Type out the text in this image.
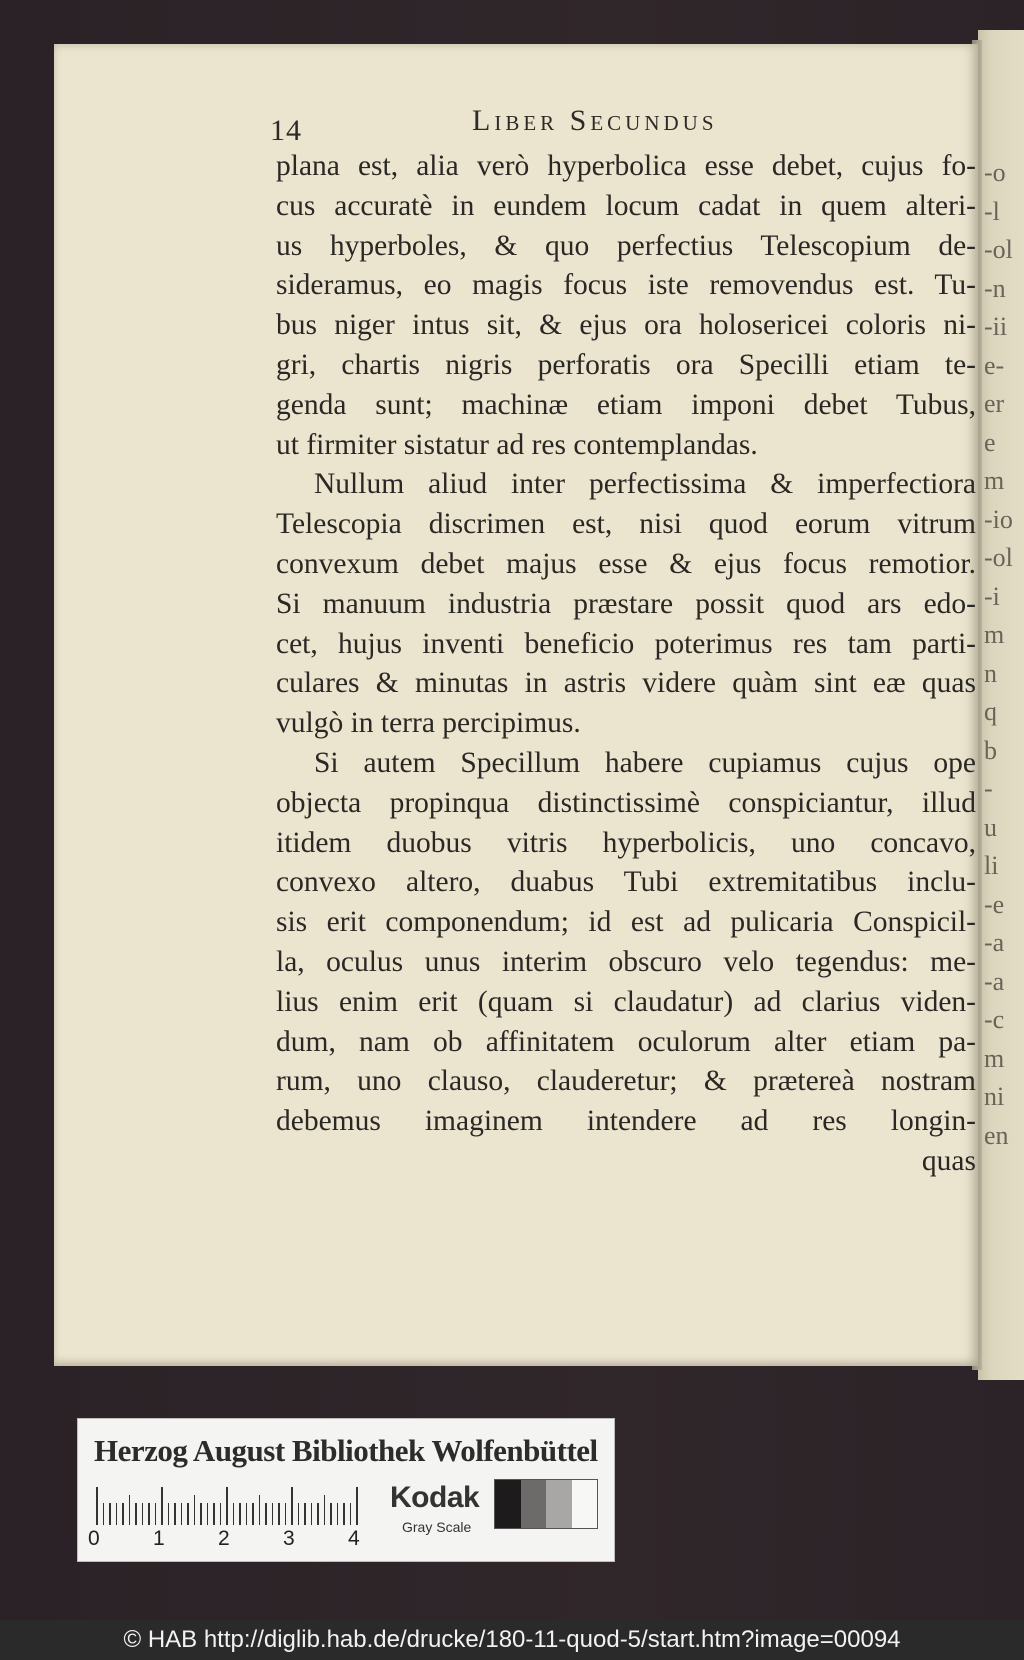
-o
-l
-ol
-n
-ii
e-
er
e
m
-io
-ol
-i
m
n
q
b
-
u
li
-e
-a
-a
-c
m
ni
en
14	Liber Secundus
plana est, alia verò hyperbolica esse debet, cujus fo-
cus accuratè in eundem locum cadat in quem alteri-
us hyperboles, & quo perfectius Telescopium de-
sideramus, eo magis focus iste removendus est. Tu-
bus niger intus sit, & ejus ora holosericei coloris ni-
gri, chartis nigris perforatis ora Specilli etiam te-
genda sunt; machinæ etiam imponi debet Tubus,
ut firmiter sistatur ad res contemplandas.
Nullum aliud inter perfectissima & imperfectiora
Telescopia discrimen est, nisi quod eorum vitrum
convexum debet majus esse & ejus focus remotior.
Si manuum industria præstare possit quod ars edo-
cet, hujus inventi beneficio poterimus res tam parti-
culares & minutas in astris videre quàm sint eæ quas
vulgò in terra percipimus.
Si autem Specillum habere cupiamus cujus ope
objecta propinqua distinctissimè conspiciantur, illud
itidem duobus vitris hyperbolicis, uno concavo,
convexo altero, duabus Tubi extremitatibus inclu-
sis erit componendum; id est ad pulicaria Conspicil-
la, oculus unus interim obscuro velo tegendus: me-
lius enim erit (quam si claudatur) ad clarius viden-
dum, nam ob affinitatem oculorum alter etiam pa-
rum, uno clauso, clauderetur; & prætereà nostram
debemus imaginem intendere ad res longin-
quas
Herzog August Bibliothek Wolfenbüttel
0	1	2	3	4
Kodak
Gray Scale
© HAB http://diglib.hab.de/drucke/180-11-quod-5/start.htm?image=00094
